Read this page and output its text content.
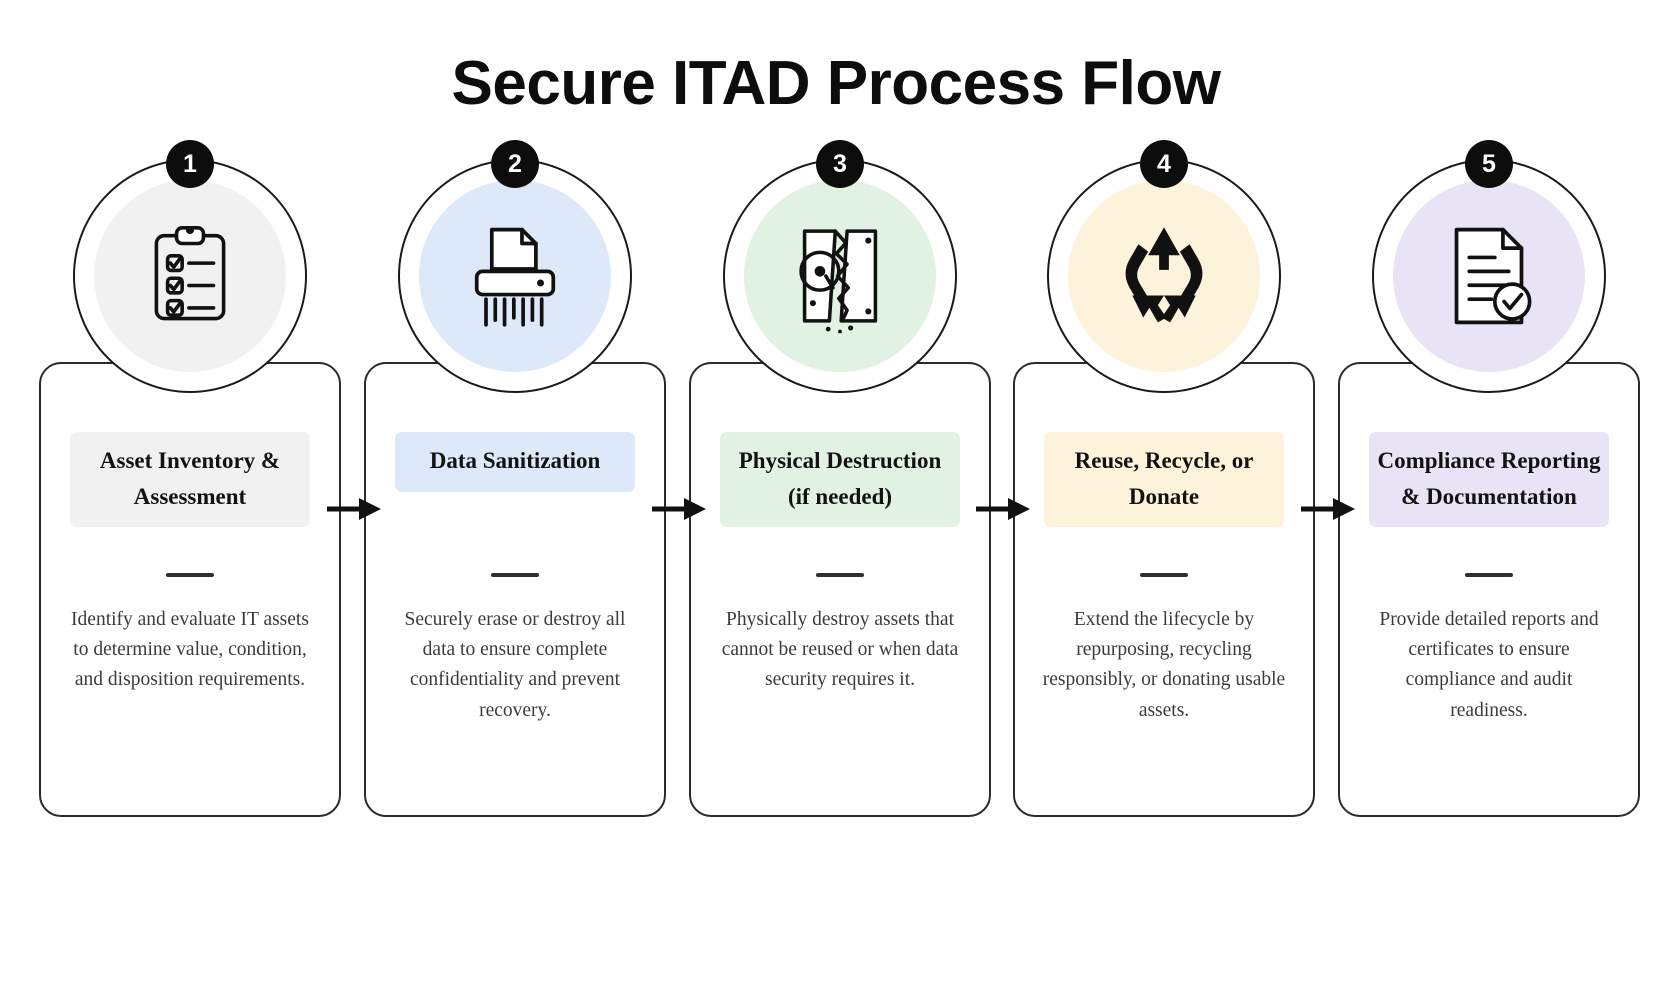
Secure ITAD Process Flow
1
Asset Inventory & Assessment
Identify and evaluate IT assets to determine value, condition, and disposition requirements.
2
Data Sanitization
Securely erase or destroy all data to ensure complete confidentiality and prevent recovery.
3
Physical Destruction (if needed)
Physically destroy assets that cannot be reused or when data security requires it.
4
Reuse, Recycle, or Donate
Extend the lifecycle by repurposing, recycling responsibly, or donating usable assets.
5
Compliance Reporting & Documentation
Provide detailed reports and certificates to ensure compliance and audit readiness.
